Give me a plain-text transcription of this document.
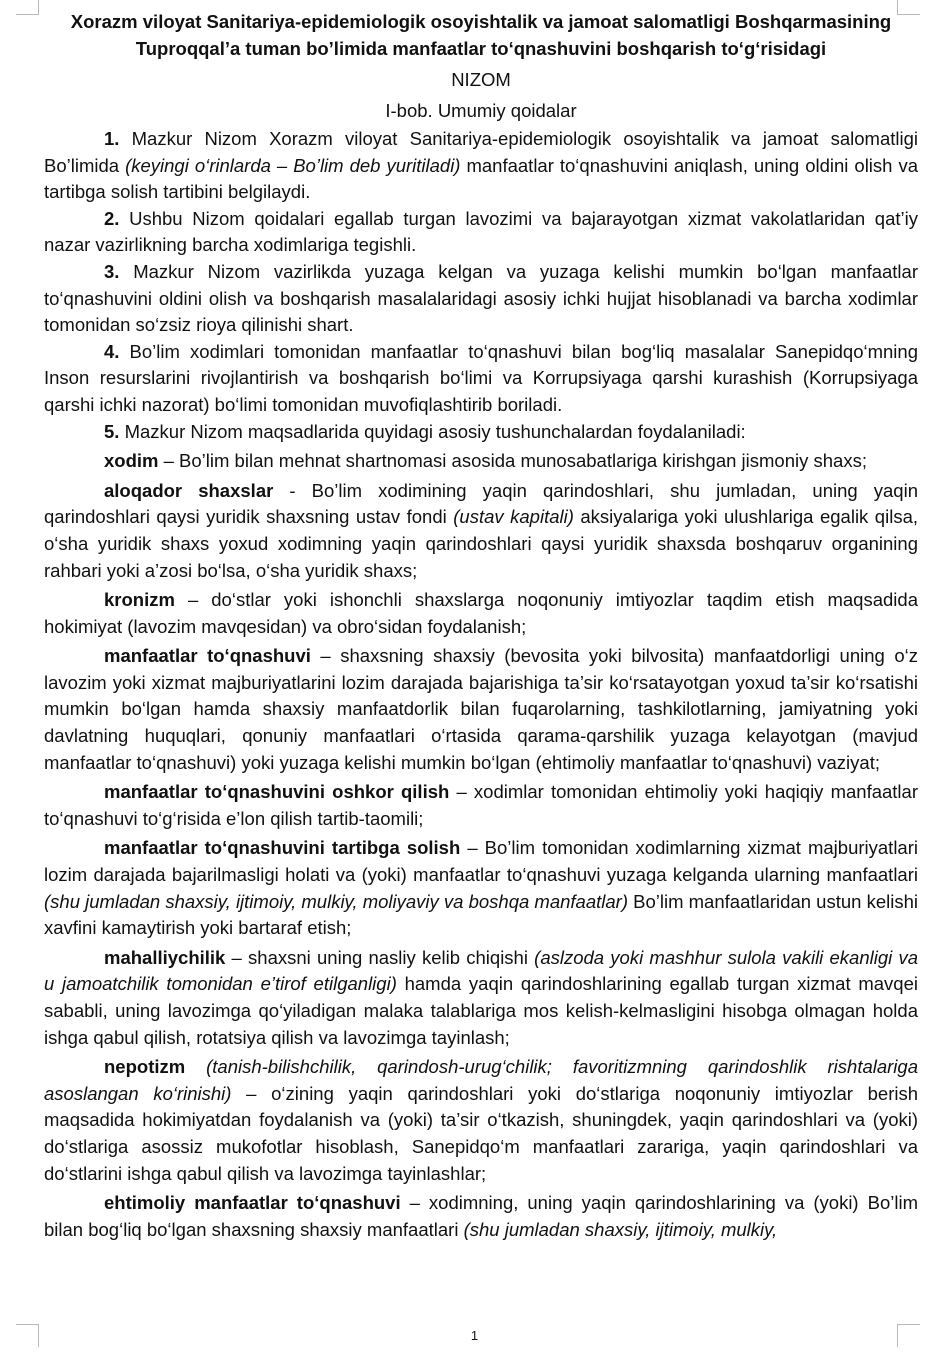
Xorazm viloyat Sanitariya-epidemiologik osoyishtalik va jamoat salomatligi Boshqarmasining
Tuproqqal’a tuman bo’limida manfaatlar to‘qnashuvini boshqarish to‘g‘risidagi

NIZOM

I-bob. Umumiy qoidalar

1. Mazkur Nizom Xorazm viloyat Sanitariya-epidemiologik osoyishtalik va jamoat salomatligi Bo’limida (keyingi o‘rinlarda – Bo’lim deb yuritiladi) manfaatlar to‘qnashuvini aniqlash, uning oldini olish va tartibga solish tartibini belgilaydi.

2. Ushbu Nizom qoidalari egallab turgan lavozimi va bajarayotgan xizmat vakolatlaridan qat’iy nazar vazirlikning barcha xodimlariga tegishli.

3. Mazkur Nizom vazirlikda yuzaga kelgan va yuzaga kelishi mumkin bo‘lgan manfaatlar to‘qnashuvini oldini olish va boshqarish masalalaridagi asosiy ichki hujjat hisoblanadi va barcha xodimlar tomonidan so‘zsiz rioya qilinishi shart.

4. Bo’lim xodimlari tomonidan manfaatlar to‘qnashuvi bilan bog‘liq masalalar Sanepidqo‘mning Inson resurslarini rivojlantirish va boshqarish bo‘limi va Korrupsiyaga qarshi kurashish (Korrupsiyaga qarshi ichki nazorat) bo‘limi tomonidan muvofiqlashtirib boriladi.

5. Mazkur Nizom maqsadlarida quyidagi asosiy tushunchalardan foydalaniladi:

xodim – Bo’lim bilan mehnat shartnomasi asosida munosabatlariga kirishgan jismoniy shaxs;

aloqador shaxslar - Bo’lim xodimining yaqin qarindoshlari, shu jumladan, uning yaqin qarindoshlari qaysi yuridik shaxsning ustav fondi (ustav kapitali) aksiyalariga yoki ulushlariga egalik qilsa, o‘sha yuridik shaxs yoxud xodimning yaqin qarindoshlari qaysi yuridik shaxsda boshqaruv organining rahbari yoki a’zosi bo‘lsa, o‘sha yuridik shaxs;

kronizm – do‘stlar yoki ishonchli shaxslarga noqonuniy imtiyozlar taqdim etish maqsadida hokimiyat (lavozim mavqesidan) va obro‘sidan foydalanish;

manfaatlar to‘qnashuvi – shaxsning shaxsiy (bevosita yoki bilvosita) manfaatdorligi uning o‘z lavozim yoki xizmat majburiyatlarini lozim darajada bajarishiga ta’sir ko‘rsatayotgan yoxud ta’sir ko‘rsatishi mumkin bo‘lgan hamda shaxsiy manfaatdorlik bilan fuqarolarning, tashkilotlarning, jamiyatning yoki davlatning huquqlari, qonuniy manfaatlari o‘rtasida qarama-qarshilik yuzaga kelayotgan (mavjud manfaatlar to‘qnashuvi) yoki yuzaga kelishi mumkin bo‘lgan (ehtimoliy manfaatlar to‘qnashuvi) vaziyat;

manfaatlar to‘qnashuvini oshkor qilish – xodimlar tomonidan ehtimoliy yoki haqiqiy manfaatlar to‘qnashuvi to‘g‘risida e’lon qilish tartib-taomili;

manfaatlar to‘qnashuvini tartibga solish – Bo’lim tomonidan xodimlarning xizmat majburiyatlari lozim darajada bajarilmasligi holati va (yoki) manfaatlar to‘qnashuvi yuzaga kelganda ularning manfaatlari (shu jumladan shaxsiy, ijtimoiy, mulkiy, moliyaviy va boshqa manfaatlar) Bo’lim manfaatlaridan ustun kelishi xavfini kamaytirish yoki bartaraf etish;

mahalliychilik – shaxsni uning nasliy kelib chiqishi (aslzoda yoki mashhur sulola vakili ekanligi va u jamoatchilik tomonidan e’tirof etilganligi) hamda yaqin qarindoshlarining egallab turgan xizmat mavqei sababli, uning lavozimga qo‘yiladigan malaka talablariga mos kelish-kelmasligini hisobga olmagan holda ishga qabul qilish, rotatsiya qilish va lavozimga tayinlash;

nepotizm (tanish-bilishchilik, qarindosh-urug‘chilik; favoritizmning qarindoshlik rishtalariga asoslangan ko‘rinishi) – o‘zining yaqin qarindoshlari yoki do‘stlariga noqonuniy imtiyozlar berish maqsadida hokimiyatdan foydalanish va (yoki) ta’sir o‘tkazish, shuningdek, yaqin qarindoshlari va (yoki) do‘stlariga asossiz mukofotlar hisoblash, Sanepidqo‘m manfaatlari zarariga, yaqin qarindoshlari va do‘stlarini ishga qabul qilish va lavozimga tayinlashlar;

ehtimoliy manfaatlar to‘qnashuvi – xodimning, uning yaqin qarindoshlarining va (yoki) Bo’lim bilan bog‘liq bo‘lgan shaxsning shaxsiy manfaatlari (shu jumladan shaxsiy, ijtimoiy, mulkiy,

1
